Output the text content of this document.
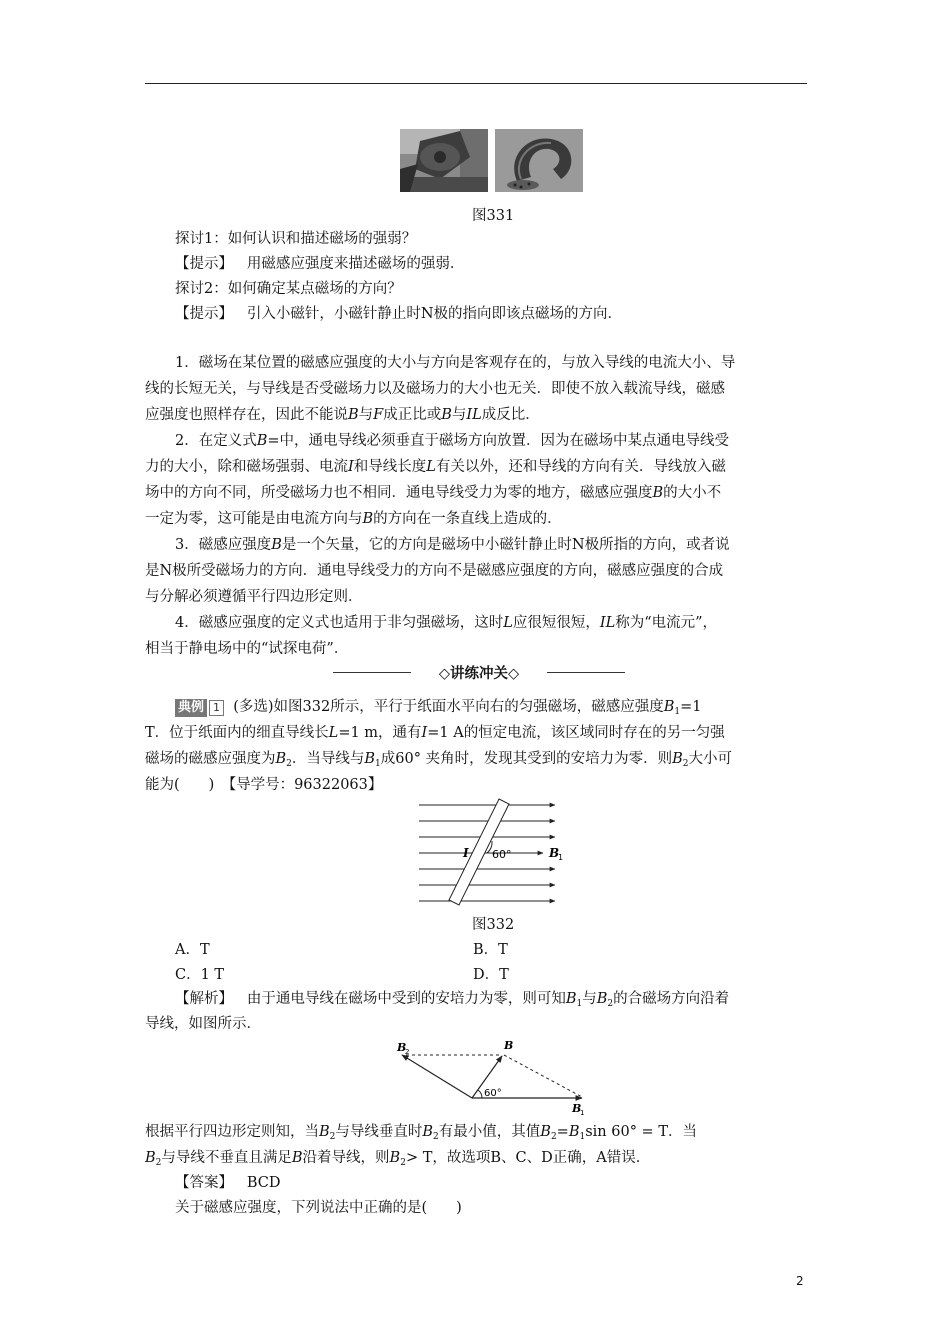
图331
探讨1：如何认识和描述磁场的强弱？
【提示】 用磁感应强度来描述磁场的强弱．
探讨2：如何确定某点磁场的方向？
【提示】 引入小磁针，小磁针静止时N极的指向即该点磁场的方向．
1．磁场在某位置的磁感应强度的大小与方向是客观存在的，与放入导线的电流大小、导
线的长短无关，与导线是否受磁场力以及磁场力的大小也无关．即使不放入载流导线，磁感
应强度也照样存在，因此不能说B与F成正比或B与IL成反比．
2．在定义式B=中，通电导线必须垂直于磁场方向放置．因为在磁场中某点通电导线受
力的大小，除和磁场强弱、电流I和导线长度L有关以外，还和导线的方向有关．导线放入磁
场中的方向不同，所受磁场力也不相同．通电导线受力为零的地方，磁感应强度B的大小不
一定为零，这可能是由电流方向与B的方向在一条直线上造成的．
3．磁感应强度B是一个矢量，它的方向是磁场中小磁针静止时N极所指的方向，或者说
是N极所受磁场力的方向．通电导线受力的方向不是磁感应强度的方向，磁感应强度的合成
与分解必须遵循平行四边形定则．
4．磁感应强度的定义式也适用于非匀强磁场，这时L应很短很短，IL称为“电流元”，
相当于静电场中的“试探电荷”．
◇讲练冲关◇
典例 1 (多选)如图332所示，平行于纸面水平向右的匀强磁场，磁感应强度$B_1=1$
T．位于纸面内的细直导线长L=1 m，通有I=1 A的恒定电流，该区域同时存在的另一匀强
磁场的磁感应强度为$B_2$．当导线与$B_1$成60° 夹角时，发现其受到的安培力为零．则$B_2$大小可
能为(　　)　【导学号：96322063】
I 60°	B
1
图332
A．T	B．T
C．1 T	D．T
【解析】 由于通电导线在磁场中受到的安培力为零，则可知$B_1$与$B_2$的合磁场方向沿着
导线，如图所示．
B
2	B
B
1
60°
根据平行四边形定则知，当$B_2$与导线垂直时$B_2$有最小值，其值$B_2=B_1\sin$ 60° = T．当
$B_2$与导线不垂直且满足B沿着导线，则$B_2> T$，故选项B、C、D正确，A错误．
【答案】 BCD
关于磁感应强度，下列说法中正确的是(　　)
2
